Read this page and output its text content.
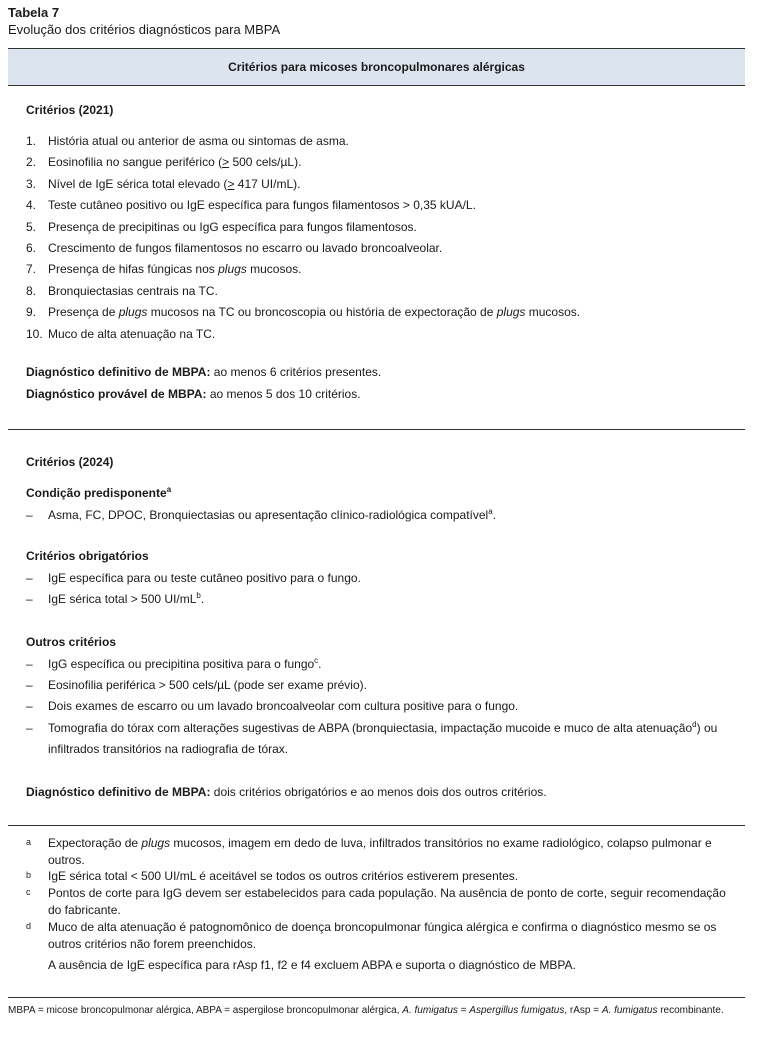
Tabela 7
Evolução dos critérios diagnósticos para MBPA
Critérios para micoses broncopulmonares alérgicas
Critérios (2021)
1. História atual ou anterior de asma ou sintomas de asma.
2. Eosinofilia no sangue periférico (> 500 cels/µL).
3. Nível de IgE sérica total elevado (> 417 UI/mL).
4. Teste cutâneo positivo ou IgE específica para fungos filamentosos > 0,35 kUA/L.
5. Presença de precipitinas ou IgG específica para fungos filamentosos.
6. Crescimento de fungos filamentosos no escarro ou lavado broncoalveolar.
7. Presença de hifas fúngicas nos plugs mucosos.
8. Bronquiectasias centrais na TC.
9. Presença de plugs mucosos na TC ou broncoscopia ou história de expectoração de plugs mucosos.
10. Muco de alta atenuação na TC.
Diagnóstico definitivo de MBPA: ao menos 6 critérios presentes.
Diagnóstico provável de MBPA: ao menos 5 dos 10 critérios.
Critérios (2024)
Condição predisponente$^a$
– Asma, FC, DPOC, Bronquiectasias ou apresentação clínico-radiológica compatível$^a$.
Critérios obrigatórios
– IgE específica para ou teste cutâneo positivo para o fungo.
– IgE sérica total > 500 $UI/mL^b$.
Outros critérios
– IgG específica ou precipitina positiva para o fungo$^c$.
– Eosinofilia periférica > 500 cels/µL (pode ser exame prévio).
– Dois exames de escarro ou um lavado broncoalveolar com cultura positive para o fungo.
– Tomografia do tórax com alterações sugestivas de ABPA (bronquiectasia, impactação mucoide e muco de alta atenuação$^d$) ou
infiltrados transitórios na radiografia de tórax.
Diagnóstico definitivo de MBPA: dois critérios obrigatórios e ao menos dois dos outros critérios.
a Expectoração de plugs mucosos, imagem em dedo de luva, infiltrados transitórios no exame radiológico, colapso pulmonar e outros.
b IgE sérica total < 500 UI/mL é aceitável se todos os outros critérios estiverem presentes.
c Pontos de corte para IgG devem ser estabelecidos para cada população. Na ausência de ponto de corte, seguir recomendação do fabricante.
d Muco de alta atenuação é patognomônico de doença broncopulmonar fúngica alérgica e confirma o diagnóstico mesmo se os outros critérios não forem preenchidos.
A ausência de IgE específica para rAsp f1, f2 e f4 excluem ABPA e suporta o diagnóstico de MBPA.
MBPA = micose broncopulmonar alérgica, ABPA = aspergilose broncopulmonar alérgica, A. fumigatus = Aspergillus fumigatus, rAsp = A. fumigatus recombinante.
